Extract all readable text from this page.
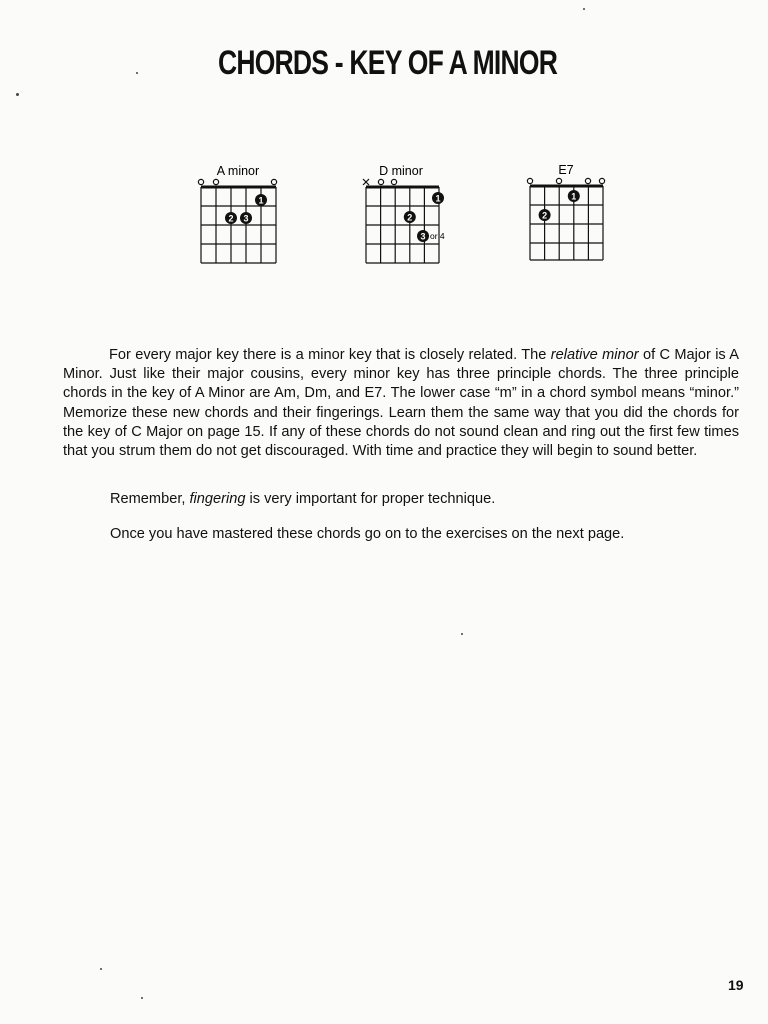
CHORDS - KEY OF A MINOR
A minor
1
2 3
D minor
1
2
3 or 4
E7
1
2

For every major key there is a minor key that is closely related. The relative minor of C Major is A Minor. Just like their major cousins, every minor key has three principle chords. The three principle chords in the key of A Minor are Am, Dm, and E7. The lower case “m” in a chord symbol means “minor.” Memorize these new chords and their fingerings. Learn them the same way that you did the chords for the key of C Major on page 15. If any of these chords do not sound clean and ring out the first few times that you strum them do not get discouraged. With time and practice they will begin to sound better.

Remember, fingering is very important for proper technique.
Once you have mastered these chords go on to the exercises on the next page.
19
